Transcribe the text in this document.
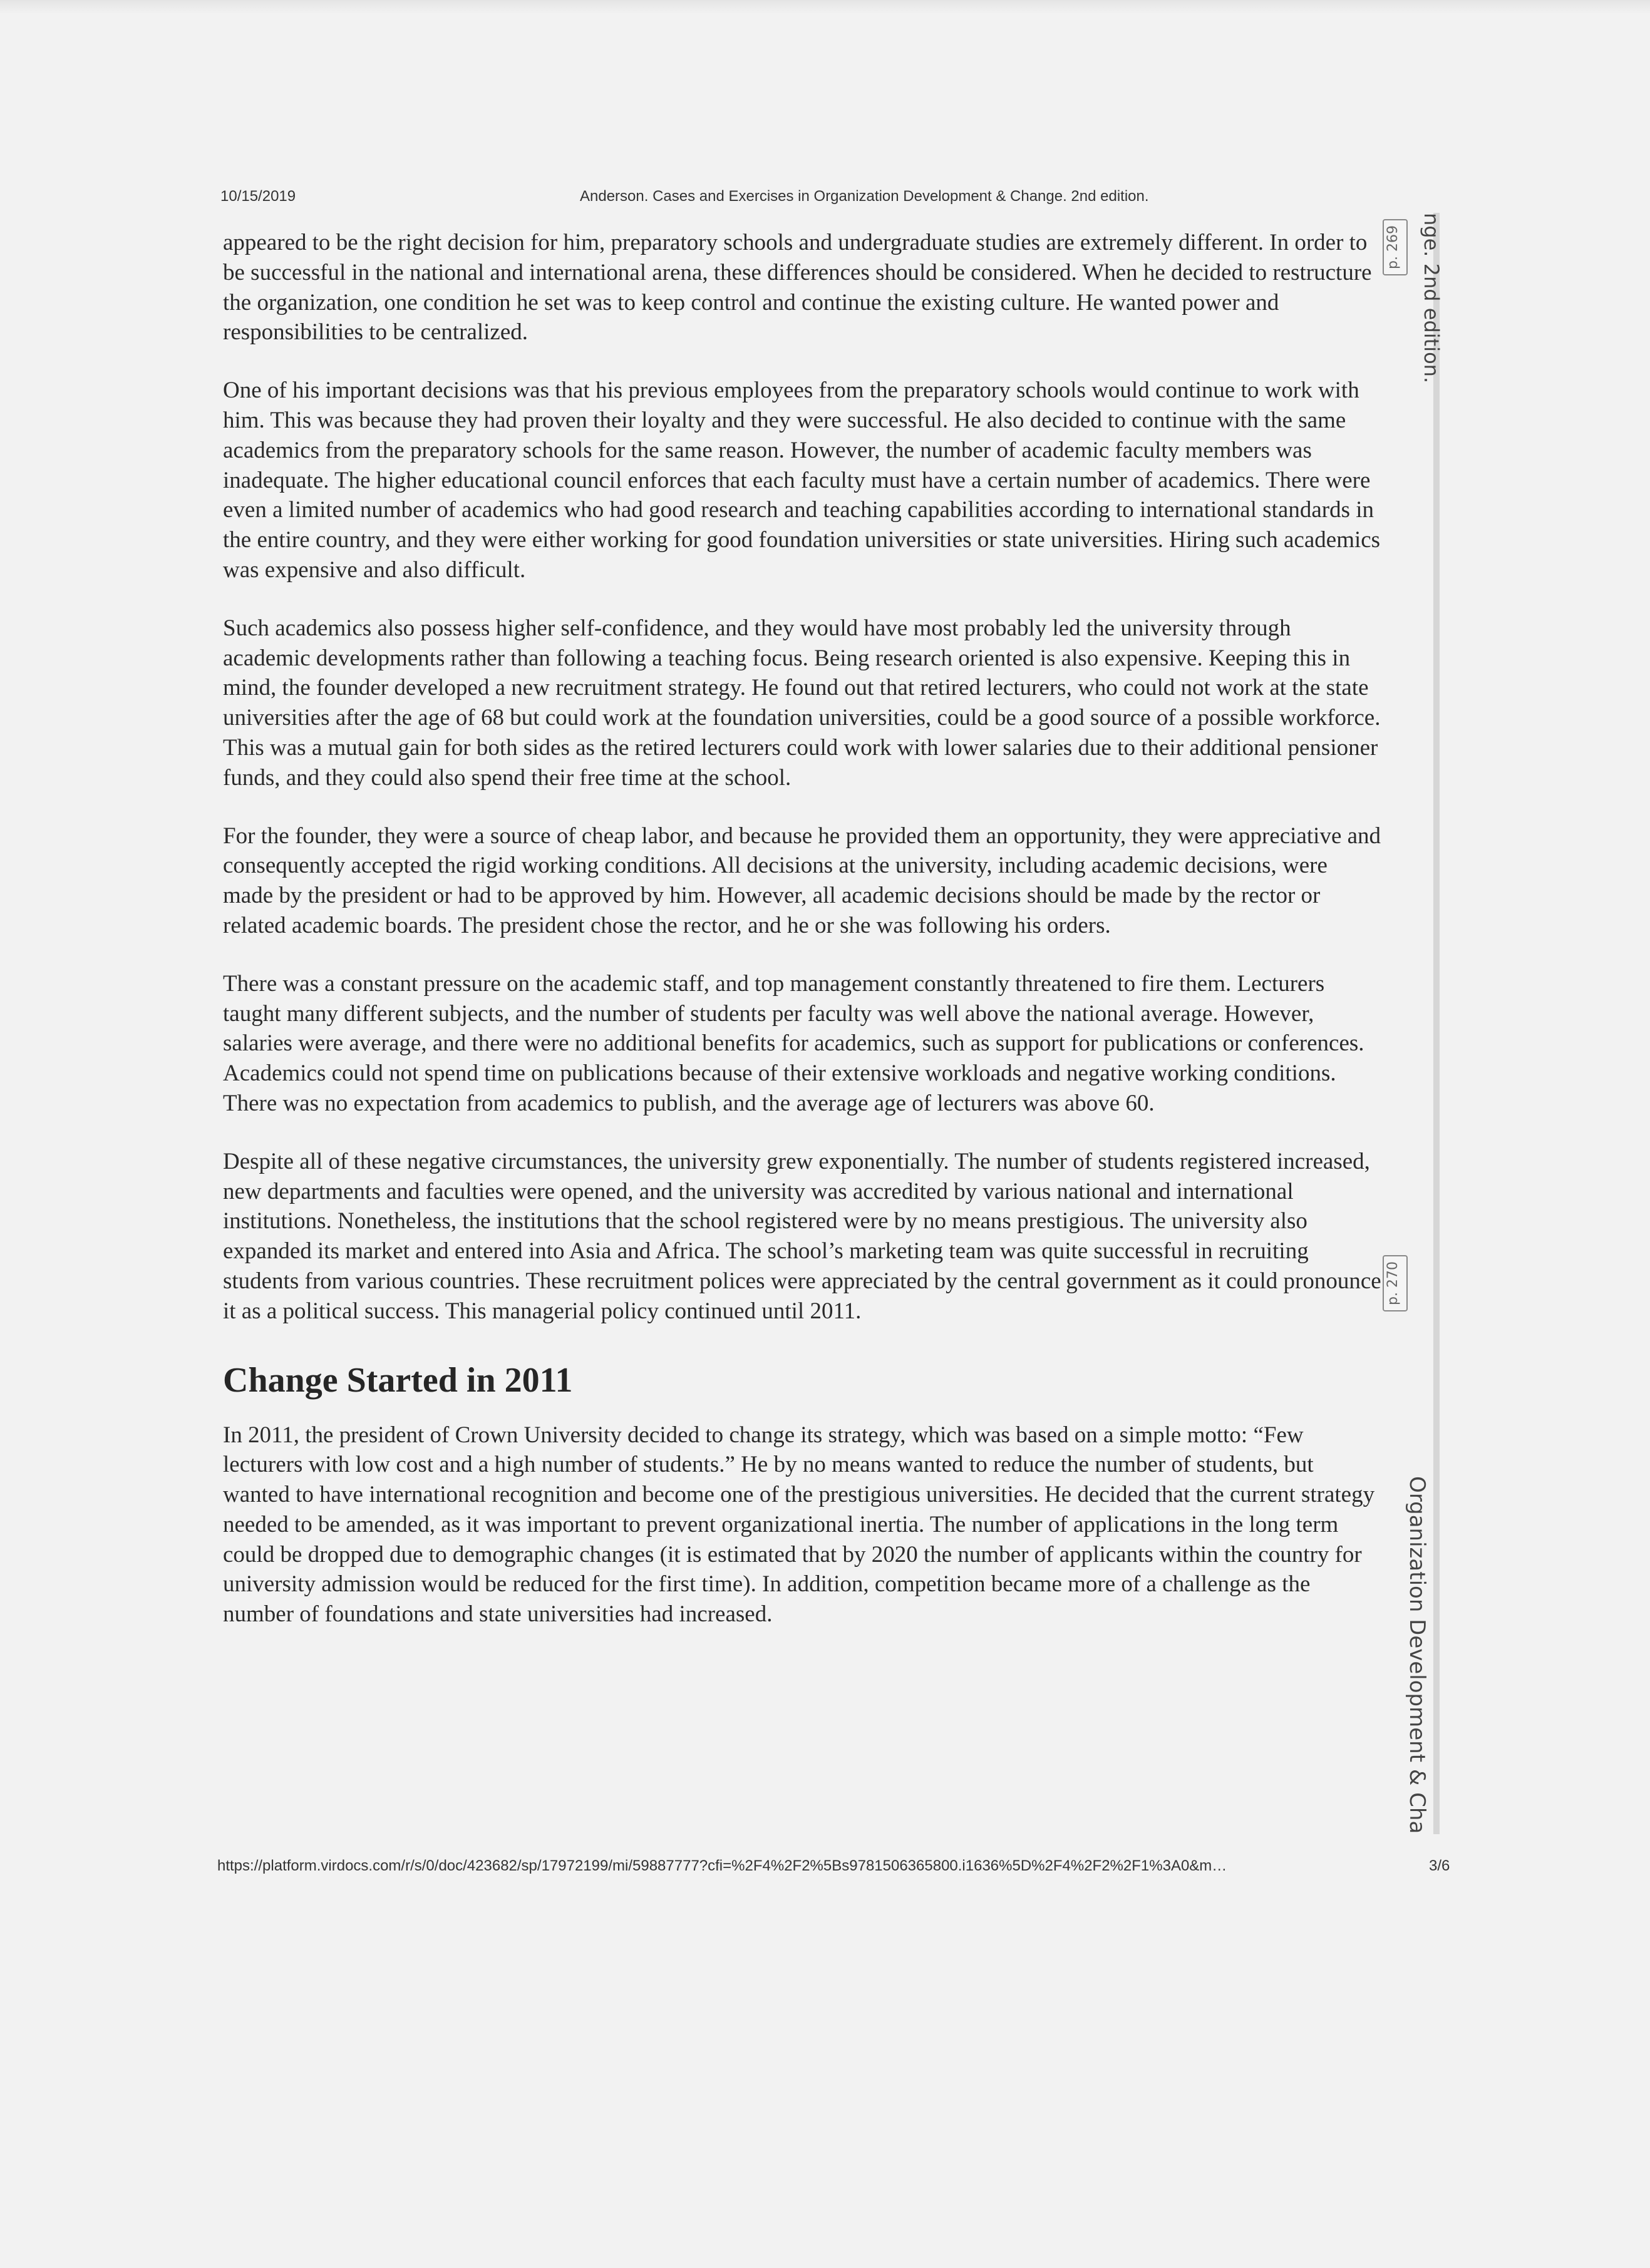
10/15/2019	Anderson. Cases and Exercises in Organization Development & Change. 2nd edition.

appeared to be the right decision for him, preparatory schools and undergraduate studies are extremely different. In order to be successful in the national and international arena, these differences should be considered. When he decided to restructure the organization, one condition he set was to keep control and continue the existing culture. He wanted power and responsibilities to be centralized.

One of his important decisions was that his previous employees from the preparatory schools would continue to work with him. This was because they had proven their loyalty and they were successful. He also decided to continue with the same academics from the preparatory schools for the same reason. However, the number of academic faculty members was inadequate. The higher educational council enforces that each faculty must have a certain number of academics. There were even a limited number of academics who had good research and teaching capabilities according to international standards in the entire country, and they were either working for good foundation universities or state universities. Hiring such academics was expensive and also difficult.

Such academics also possess higher self-confidence, and they would have most probably led the university through academic developments rather than following a teaching focus. Being research oriented is also expensive. Keeping this in mind, the founder developed a new recruitment strategy. He found out that retired lecturers, who could not work at the state universities after the age of 68 but could work at the foundation universities, could be a good source of a possible workforce. This was a mutual gain for both sides as the retired lecturers could work with lower salaries due to their additional pensioner funds, and they could also spend their free time at the school.

For the founder, they were a source of cheap labor, and because he provided them an opportunity, they were appreciative and consequently accepted the rigid working conditions. All decisions at the university, including academic decisions, were made by the president or had to be approved by him. However, all academic decisions should be made by the rector or related academic boards. The president chose the rector, and he or she was following his orders.

There was a constant pressure on the academic staff, and top management constantly threatened to fire them. Lecturers taught many different subjects, and the number of students per faculty was well above the national average. However, salaries were average, and there were no additional benefits for academics, such as support for publications or conferences. Academics could not spend time on publications because of their extensive workloads and negative working conditions. There was no expectation from academics to publish, and the average age of lecturers was above 60.

Despite all of these negative circumstances, the university grew exponentially. The number of students registered increased, new departments and faculties were opened, and the university was accredited by various national and international institutions. Nonetheless, the institutions that the school registered were by no means prestigious. The university also expanded its market and entered into Asia and Africa. The school’s marketing team was quite successful in recruiting students from various countries. These recruitment polices were appreciated by the central government as it could pronounce it as a political success. This managerial policy continued until 2011.

Change Started in 2011

In 2011, the president of Crown University decided to change its strategy, which was based on a simple motto: “Few lecturers with low cost and a high number of students.” He by no means wanted to reduce the number of students, but wanted to have international recognition and become one of the prestigious universities. He decided that the current strategy needed to be amended, as it was important to prevent organizational inertia. The number of applications in the long term could be dropped due to demographic changes (it is estimated that by 2020 the number of applicants within the country for university admission would be reduced for the first time). In addition, competition became more of a challenge as the number of foundations and state universities had increased.

nge. 2nd edition.
Organization Development & Cha
p. 269
p. 270
https://platform.virdocs.com/r/s/0/doc/423682/sp/17972199/mi/59887777?cfi=%2F4%2F2%5Bs9781506365800.i1636%5D%2F4%2F2%2F1%3A0&m…	3/6
